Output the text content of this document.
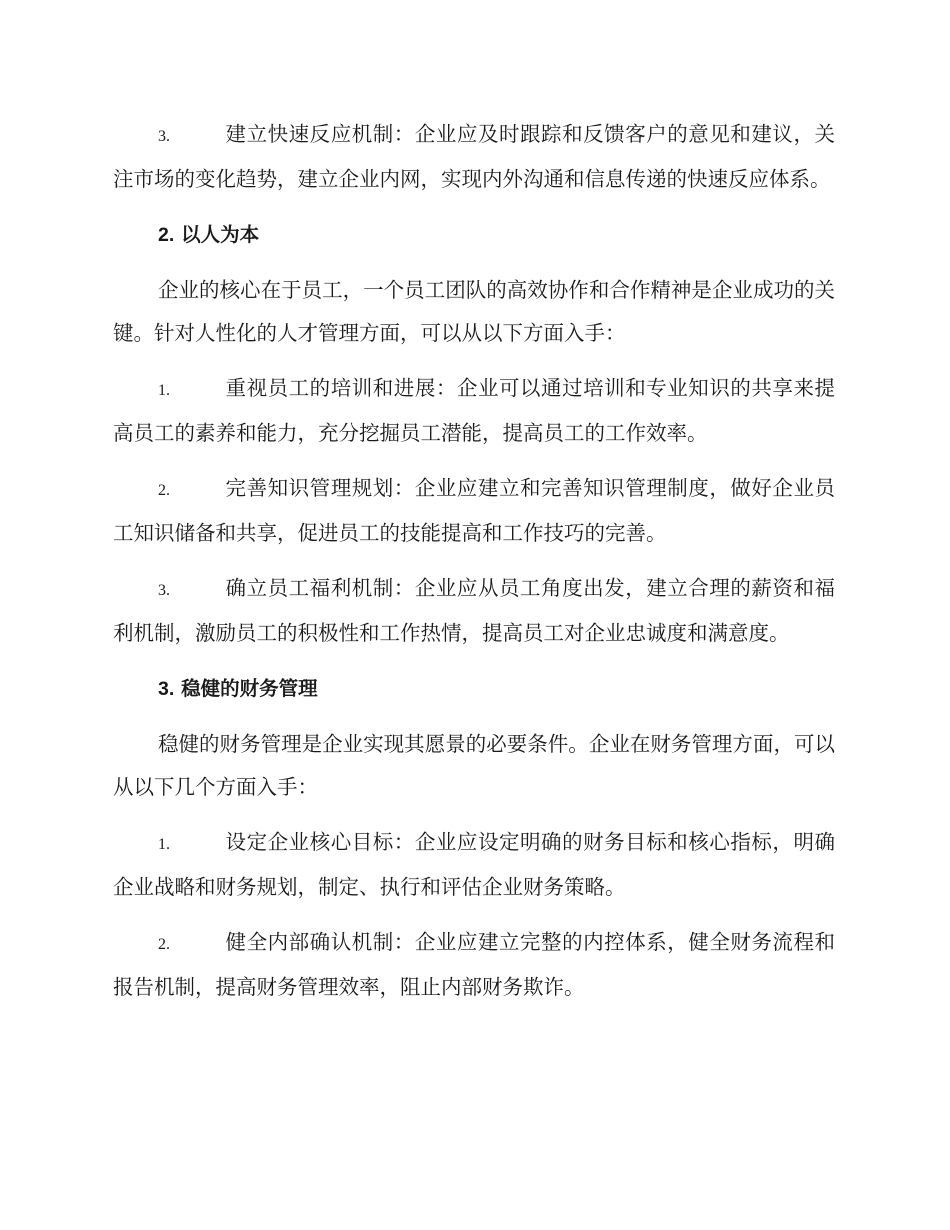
3.	建立快速反应机制：企业应及时跟踪和反馈客户的意见和建议，关注市场的变化趋势，建立企业内网，实现内外沟通和信息传递的快速反应体系。

2. 以人为本

企业的核心在于员工，一个员工团队的高效协作和合作精神是企业成功的关键。针对人性化的人才管理方面，可以从以下方面入手：

1.	重视员工的培训和进展：企业可以通过培训和专业知识的共享来提高员工的素养和能力，充分挖掘员工潜能，提高员工的工作效率。

2.	完善知识管理规划：企业应建立和完善知识管理制度，做好企业员工知识储备和共享，促进员工的技能提高和工作技巧的完善。

3.	确立员工福利机制：企业应从员工角度出发，建立合理的薪资和福利机制，激励员工的积极性和工作热情，提高员工对企业忠诚度和满意度。

3. 稳健的财务管理

稳健的财务管理是企业实现其愿景的必要条件。企业在财务管理方面，可以从以下几个方面入手：

1.	设定企业核心目标：企业应设定明确的财务目标和核心指标，明确企业战略和财务规划，制定、执行和评估企业财务策略。

2.	健全内部确认机制：企业应建立完整的内控体系，健全财务流程和报告机制，提高财务管理效率，阻止内部财务欺诈。
